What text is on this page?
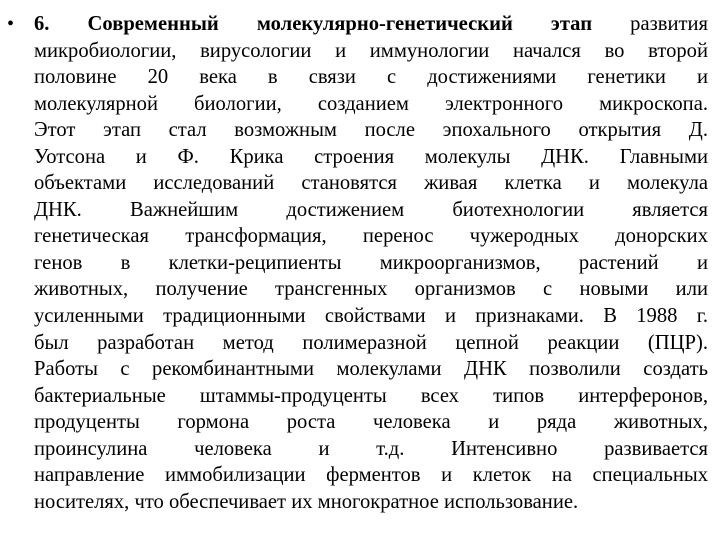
• 6. Современный молекулярно-генетический этап развития
микробиологии, вирусологии и иммунологии начался во второй
половине 20 века в связи с достижениями генетики и
молекулярной биологии, созданием электронного микроскопа.
Этот этап стал возможным после эпохального открытия Д.
Уотсона и Ф. Крика строения молекулы ДНК. Главными
объектами исследований становятся живая клетка и молекула
ДНК. Важнейшим достижением биотехнологии является
генетическая трансформация, перенос чужеродных донорских
генов в клетки-реципиенты микроорганизмов, растений и
животных, получение трансгенных организмов с новыми или
усиленными традиционными свойствами и признаками. В 1988 г.
был разработан метод полимеразной цепной реакции (ПЦР).
Работы с рекомбинантными молекулами ДНК позволили создать
бактериальные штаммы-продуценты всех типов интерферонов,
продуценты гормона роста человека и ряда животных,
проинсулина человека и т.д. Интенсивно развивается
направление иммобилизации ферментов и клеток на специальных
носителях, что обеспечивает их многократное использование.
